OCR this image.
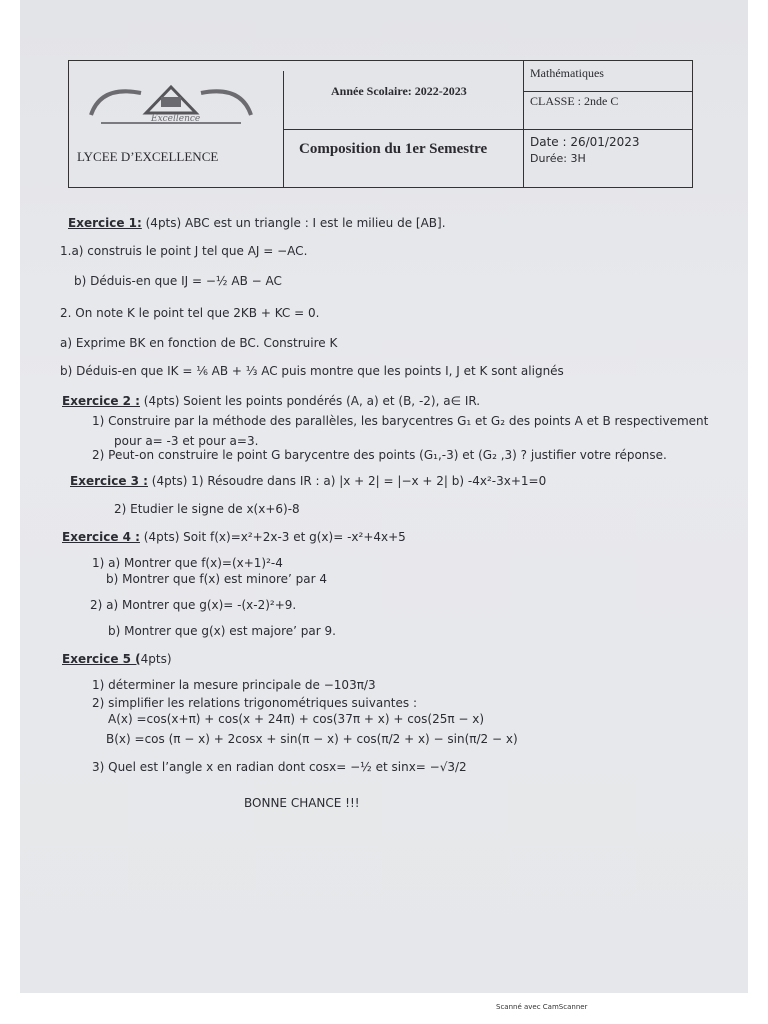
Excellence
LYCEE D’EXCELLENCE
Année Scolaire: 2022-2023
Mathématiques
CLASSE : 2nde C
Composition du 1er Semestre	Date : 26/01/2023
Durée: 3H
Exercice 1: (4pts) ABC est un triangle : I est le milieu de [AB].
1.a) construis le point J tel que AJ = −AC.
b) Déduis-en que IJ = −½ AB − AC
2. On note K le point tel que 2KB + KC = 0.
a) Exprime BK en fonction de BC. Construire K
b) Déduis-en que IK = ⅙ AB + ⅓ AC puis montre que les points I, J et K sont alignés
Exercice 2 : (4pts) Soient les points pondérés (A, a) et (B, -2), a∈ IR.
1) Construire par la méthode des parallèles, les barycentres G₁ et G₂ des points A et B respectivement
pour a= -3 et pour a=3.
2) Peut-on construire le point G barycentre des points (G₁,-3) et (G₂ ,3) ? justifier votre réponse.
Exercice 3 : (4pts) 1) Résoudre dans IR : a) |x + 2| = |−x + 2| b) -4x²-3x+1=0
2) Etudier le signe de x(x+6)-8
Exercice 4 : (4pts) Soit f(x)=x²+2x-3 et g(x)= -x²+4x+5
1) a) Montrer que f(x)=(x+1)²-4
b) Montrer que f(x) est minore’ par 4
2) a) Montrer que g(x)= -(x-2)²+9.
b) Montrer que g(x) est majore’ par 9.
Exercice 5 (4pts)
1) déterminer la mesure principale de −103π/3
2) simplifier les relations trigonométriques suivantes :
A(x) =cos(x+π) + cos(x + 24π) + cos(37π + x) + cos(25π − x)
B(x) =cos (π − x) + 2cosx + sin(π − x) + cos(π/2 + x) − sin(π/2 − x)
3) Quel est l’angle x en radian dont cosx= −½ et sinx= −√3/2
BONNE CHANCE !!!
Scanné avec CamScanner
